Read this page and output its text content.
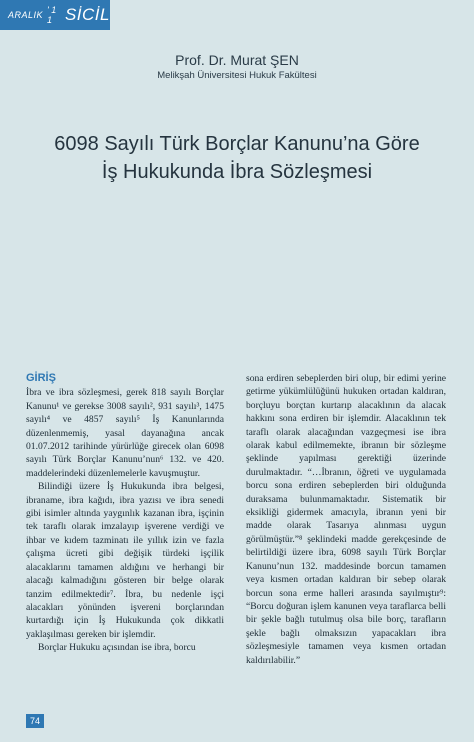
ARALIK ' 1 1 SİCİL
Prof. Dr. Murat ŞEN
Melikşah Üniversitesi Hukuk Fakültesi
6098 Sayılı Türk Borçlar Kanunu’na Göre
İş Hukukunda İbra Sözleşmesi
GİRİŞ

İbra ve ibra sözleşmesi, gerek 818 sayılı Borçlar Kanunu¹ ve gerekse 3008 sayılı², 931 sayılı³, 1475 sayılı⁴ ve 4857 sayılı⁵ İş Kanunlarında düzenlenmemiş, yasal dayanağına ancak 01.07.2012 tarihinde yürürlüğe girecek olan 6098 sayılı Türk Borçlar Kanunu’nun⁶ 132. ve 420. maddelerindeki düzenlemelerle kavuşmuştur.

Bilindiği üzere İş Hukukunda ibra belgesi, ibraname, ibra kağıdı, ibra yazısı ve ibra senedi gibi isimler altında yaygınlık kazanan ibra, işçinin tek taraflı olarak imzalayıp işverene verdiği ve ihbar ve kıdem tazminatı ile yıllık izin ve fazla çalışma ücreti gibi değişik türdeki işçilik alacaklarını tamamen aldığını ve herhangi bir alacağı kalmadığını gösteren bir belge olarak tanzim edilmektedir⁷. İbra, bu nedenle işçi alacakları yönünden işvereni borçlarından kurtardığı için İş Hukukunda çok dikkatli yaklaşılması gereken bir işlemdir.

Borçlar Hukuku açısından ise ibra, borcu

sona erdiren sebeplerden biri olup, bir edimi yerine getirme yükümlülüğünü hukuken ortadan kaldıran, borçluyu borçtan kurtarıp alacaklının da alacak hakkını sona erdiren bir işlemdir. Alacaklının tek taraflı olarak alacağından vazgeçmesi ise ibra olarak kabul edilmemekte, ibranın bir sözleşme şeklinde yapılması gerektiği üzerinde durulmaktadır. “…İbranın, öğreti ve uygulamada borcu sona erdiren sebeplerden biri olduğunda duraksama bulunmamaktadır. Sistematik bir eksikliği gidermek amacıyla, ibranın yeni bir madde olarak Tasarıya alınması uygun görülmüştür.”⁸ şeklindeki madde gerekçesinde de belirtildiği üzere ibra, 6098 sayılı Türk Borçlar Kanunu’nun 132. maddesinde borcun tamamen veya kısmen ortadan kaldıran bir sebep olarak borcun sona erme halleri arasında sayılmıştır⁹: “Borcu doğuran işlem kanunen veya taraflarca belli bir şekle bağlı tutulmuş olsa bile borç, tarafların şekle bağlı olmaksızın yapacakları ibra sözleşmesiyle tamamen veya kısmen ortadan kaldırılabilir.”

74
